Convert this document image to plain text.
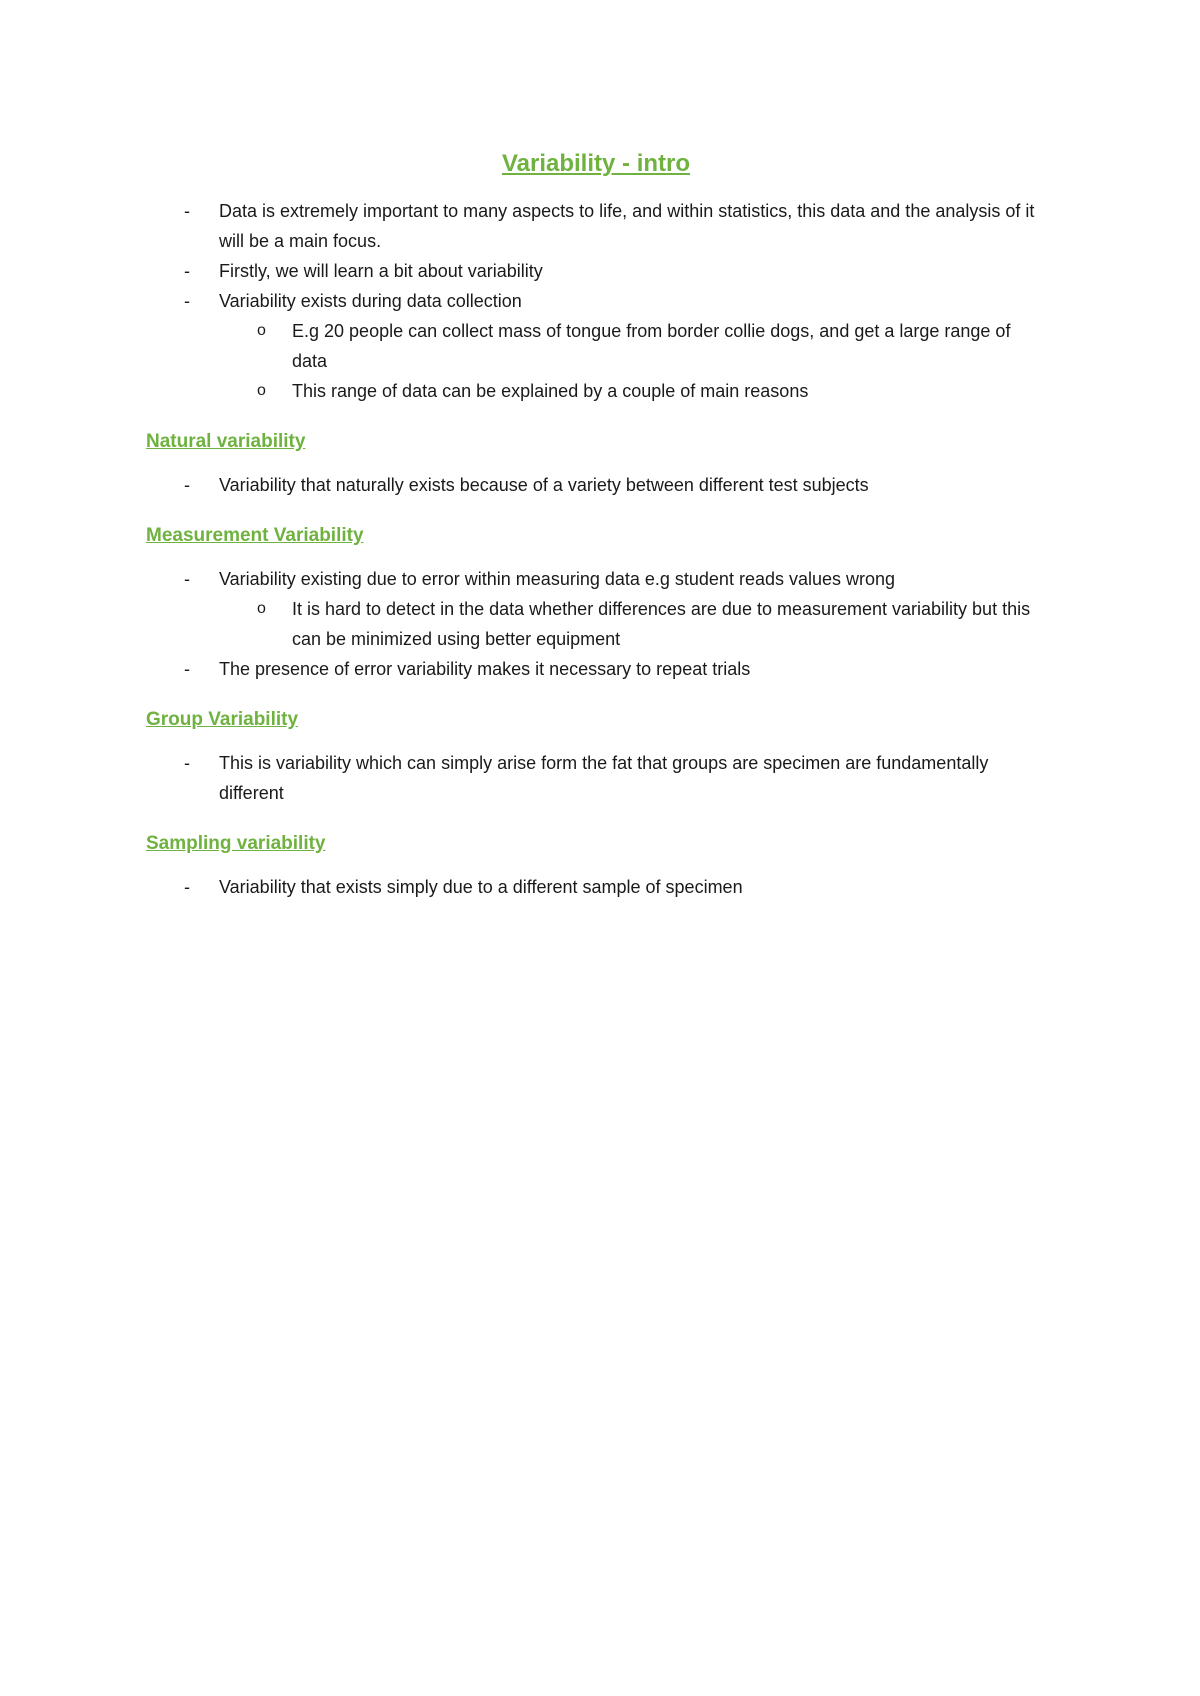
Variability - intro
- Data is extremely important to many aspects to life, and within statistics, this data and the analysis of it will be a main focus.
- Firstly, we will learn a bit about variability
- Variability exists during data collection
o E.g 20 people can collect mass of tongue from border collie dogs, and get a large range of data
o This range of data can be explained by a couple of main reasons
Natural variability
- Variability that naturally exists because of a variety between different test subjects
Measurement Variability
- Variability existing due to error within measuring data e.g student reads values wrong
o It is hard to detect in the data whether differences are due to measurement variability but this can be minimized using better equipment
- The presence of error variability makes it necessary to repeat trials
Group Variability
- This is variability which can simply arise form the fat that groups are specimen are fundamentally different
Sampling variability
- Variability that exists simply due to a different sample of specimen
